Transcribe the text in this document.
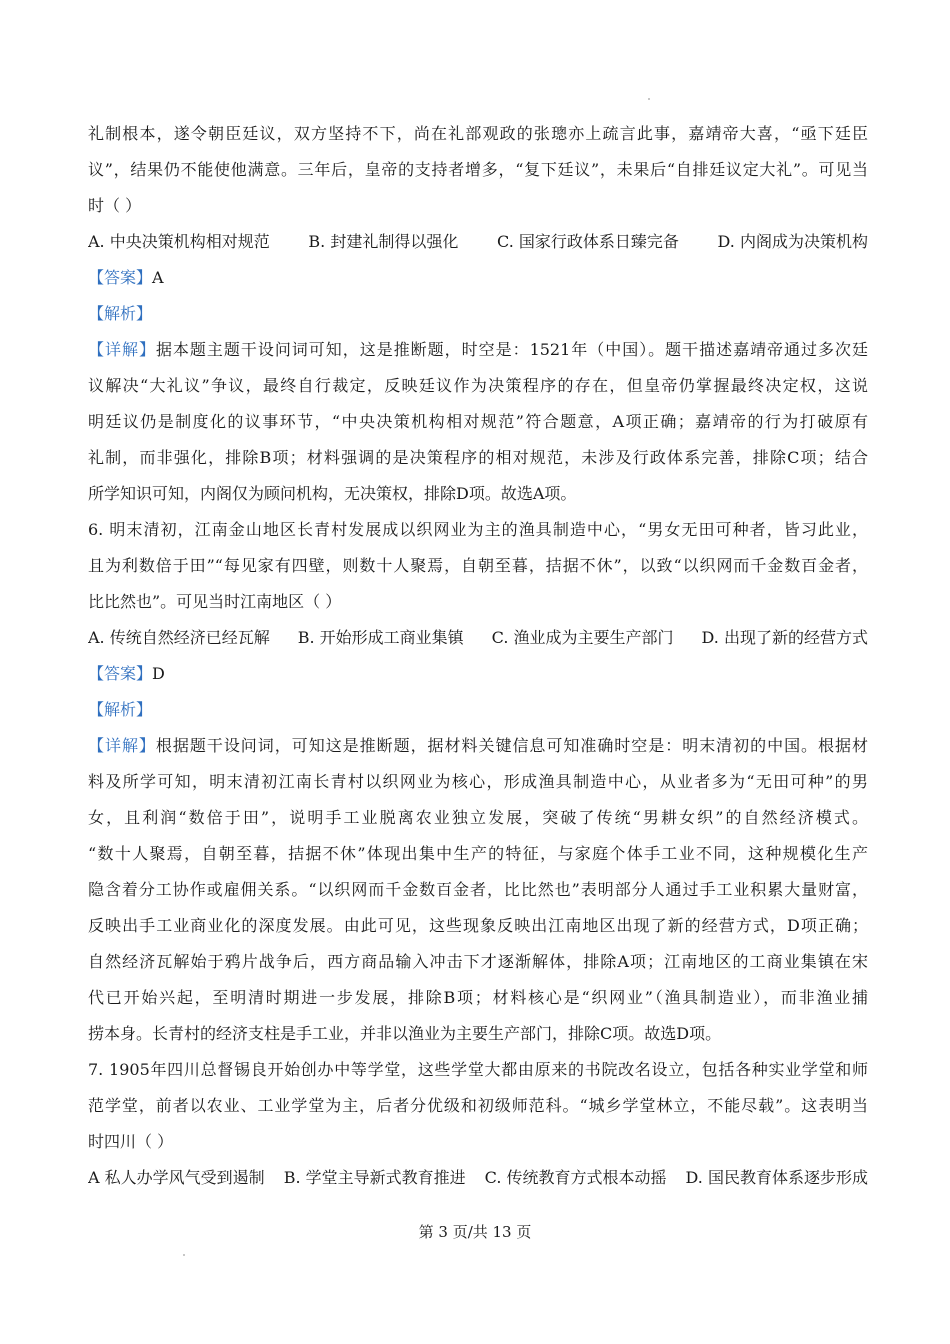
礼制根本，遂令朝臣廷议，双方坚持不下，尚在礼部观政的张璁亦上疏言此事，嘉靖帝大喜，“亟下廷臣
议”，结果仍不能使他满意。三年后，皇帝的支持者增多，“复下廷议”，未果后“自排廷议定大礼”。可见当
时（ ）
A. 中央决策机构相对规范 B. 封建礼制得以强化 C. 国家行政体系日臻完备 D. 内阁成为决策机构
【答案】A
【解析】
【详解】据本题主题干设问词可知，这是推断题，时空是：1521年（中国）。题干描述嘉靖帝通过多次廷
议解决“大礼议”争议，最终自行裁定，反映廷议作为决策程序的存在，但皇帝仍掌握最终决定权，这说
明廷议仍是制度化的议事环节，“中央决策机构相对规范”符合题意，A项正确；嘉靖帝的行为打破原有
礼制，而非强化，排除B项；材料强调的是决策程序的相对规范，未涉及行政体系完善，排除C项；结合
所学知识可知，内阁仅为顾问机构，无决策权，排除D项。故选A项。
6. 明末清初，江南金山地区长青村发展成以织网业为主的渔具制造中心，“男女无田可种者，皆习此业，
且为利数倍于田”“每见家有四壁，则数十人聚焉，自朝至暮，拮据不休”，以致“以织网而千金数百金者，
比比然也”。可见当时江南地区（ ）
A. 传统自然经济已经瓦解 B. 开始形成工商业集镇 C. 渔业成为主要生产部门 D. 出现了新的经营方式
【答案】D
【解析】
【详解】根据题干设问词，可知这是推断题，据材料关键信息可知准确时空是：明末清初的中国。根据材
料及所学可知，明末清初江南长青村以织网业为核心，形成渔具制造中心，从业者多为“无田可种”的男
女，且利润“数倍于田”，说明手工业脱离农业独立发展，突破了传统“男耕女织”的自然经济模式。
“数十人聚焉，自朝至暮，拮据不休”体现出集中生产的特征，与家庭个体手工业不同，这种规模化生产
隐含着分工协作或雇佣关系。“以织网而千金数百金者，比比然也”表明部分人通过手工业积累大量财富，
反映出手工业商业化的深度发展。由此可见，这些现象反映出江南地区出现了新的经营方式，D项正确；
自然经济瓦解始于鸦片战争后，西方商品输入冲击下才逐渐解体，排除A项；江南地区的工商业集镇在宋
代已开始兴起，至明清时期进一步发展，排除B项；材料核心是“织网业”（渔具制造业），而非渔业捕
捞本身。长青村的经济支柱是手工业，并非以渔业为主要生产部门，排除C项。故选D项。
7. 1905年四川总督锡良开始创办中等学堂，这些学堂大都由原来的书院改名设立，包括各种实业学堂和师
范学堂，前者以农业、工业学堂为主，后者分优级和初级师范科。“城乡学堂林立，不能尽载”。这表明当
时四川（ ）
A 私人办学风气受到遏制 B. 学堂主导新式教育推进 C. 传统教育方式根本动摇 D. 国民教育体系逐步形成
第 3 页/共 13 页
